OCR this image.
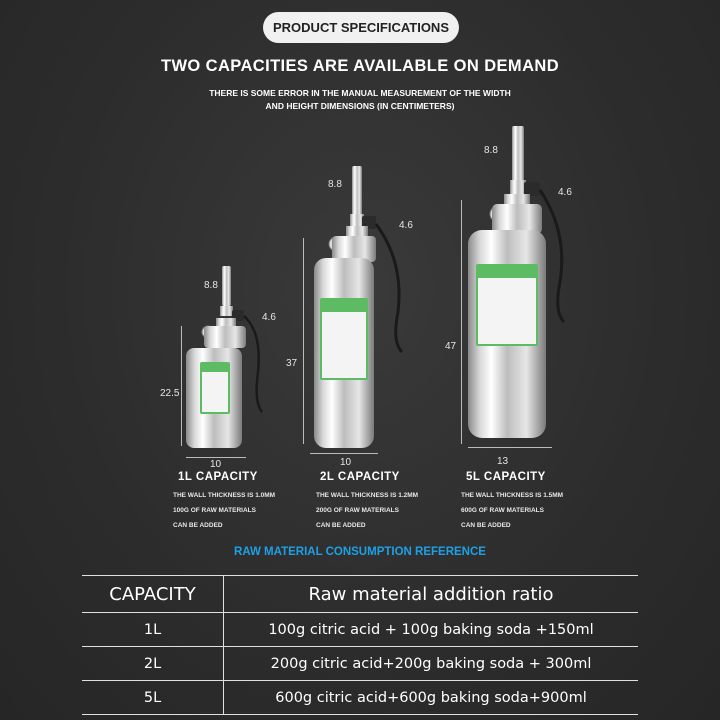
PRODUCT SPECIFICATIONS
TWO CAPACITIES ARE AVAILABLE ON DEMAND
THERE IS SOME ERROR IN THE MANUAL MEASUREMENT OF THE WIDTH
AND HEIGHT DIMENSIONS (IN CENTIMETERS)
8.8
4.6
22.5
10
1L CAPACITY
THE WALL THICKNESS IS 1.0MM
100G OF RAW MATERIALS
CAN BE ADDED
8.8
4.6
37
10
2L CAPACITY
THE WALL THICKNESS IS 1.2MM
200G OF RAW MATERIALS
CAN BE ADDED
8.8
4.6
47
13
5L CAPACITY
THE WALL THICKNESS IS 1.5MM
600G OF RAW MATERIALS
CAN BE ADDED
RAW MATERIAL CONSUMPTION REFERENCE
CAPACITY	Raw material addition ratio
1L	100g citric acid + 100g baking soda +150ml
2L	200g citric acid+200g baking soda + 300ml
5L	600g citric acid+600g baking soda+900ml
